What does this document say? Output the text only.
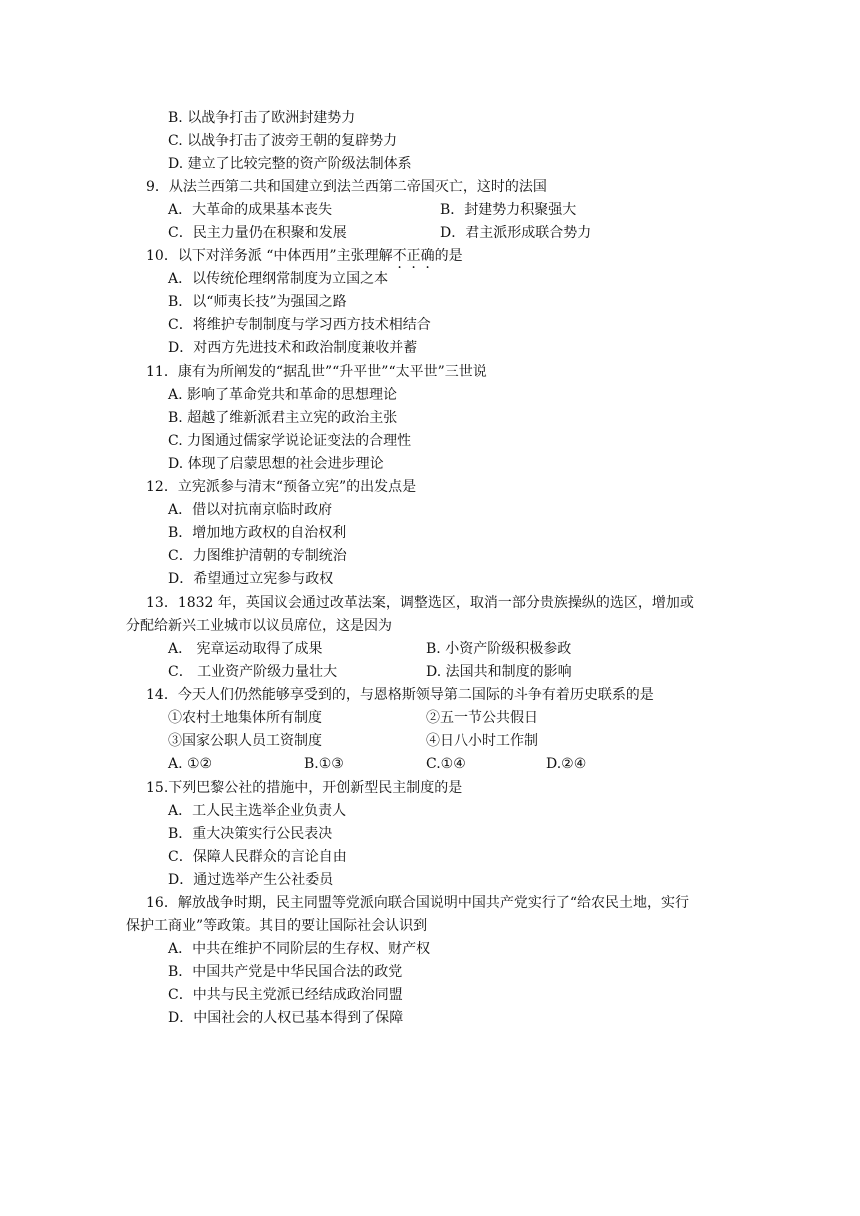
B. 以战争打击了欧洲封建势力
C. 以战争打击了波旁王朝的复辟势力
D. 建立了比较完整的资产阶级法制体系
9．从法兰西第二共和国建立到法兰西第二帝国灭亡，这时的法国
A．大革命的成果基本丧失	B．封建势力积聚强大
C．民主力量仍在积聚和发展	D．君主派形成联合势力
10．以下对洋务派 “中体西用”主张理解不正确的是
A．以传统伦理纲常制度为立国之本
B．以“师夷长技”为强国之路
C．将维护专制制度与学习西方技术相结合
D．对西方先进技术和政治制度兼收并蓄
11．康有为所阐发的“据乱世”“升平世”“太平世”三世说
A. 影响了革命党共和革命的思想理论
B. 超越了维新派君主立宪的政治主张
C. 力图通过儒家学说论证变法的合理性
D. 体现了启蒙思想的社会进步理论
12．立宪派参与清末“预备立宪”的出发点是
A．借以对抗南京临时政府
B．增加地方政权的自治权利
C．力图维护清朝的专制统治
D．希望通过立宪参与政权
13．1832 年，英国议会通过改革法案，调整选区，取消一部分贵族操纵的选区，增加或
分配给新兴工业城市以议员席位，这是因为
A． 宪章运动取得了成果	B. 小资产阶级积极参政
C． 工业资产阶级力量壮大	D. 法国共和制度的影响
14．今天人们仍然能够享受到的，与恩格斯领导第二国际的斗争有着历史联系的是
①农村土地集体所有制度	②五一节公共假日
③国家公职人员工资制度	④日八小时工作制
A. ①②	B.①③	C.①④	D.②④
15.下列巴黎公社的措施中，开创新型民主制度的是
A．工人民主选举企业负责人
B．重大决策实行公民表决
C．保障人民群众的言论自由
D．通过选举产生公社委员
16．解放战争时期，民主同盟等党派向联合国说明中国共产党实行了“给农民土地，实行
保护工商业”等政策。其目的要让国际社会认识到
A．中共在维护不同阶层的生存权、财产权
B．中国共产党是中华民国合法的政党
C．中共与民主党派已经结成政治同盟
D．中国社会的人权已基本得到了保障
